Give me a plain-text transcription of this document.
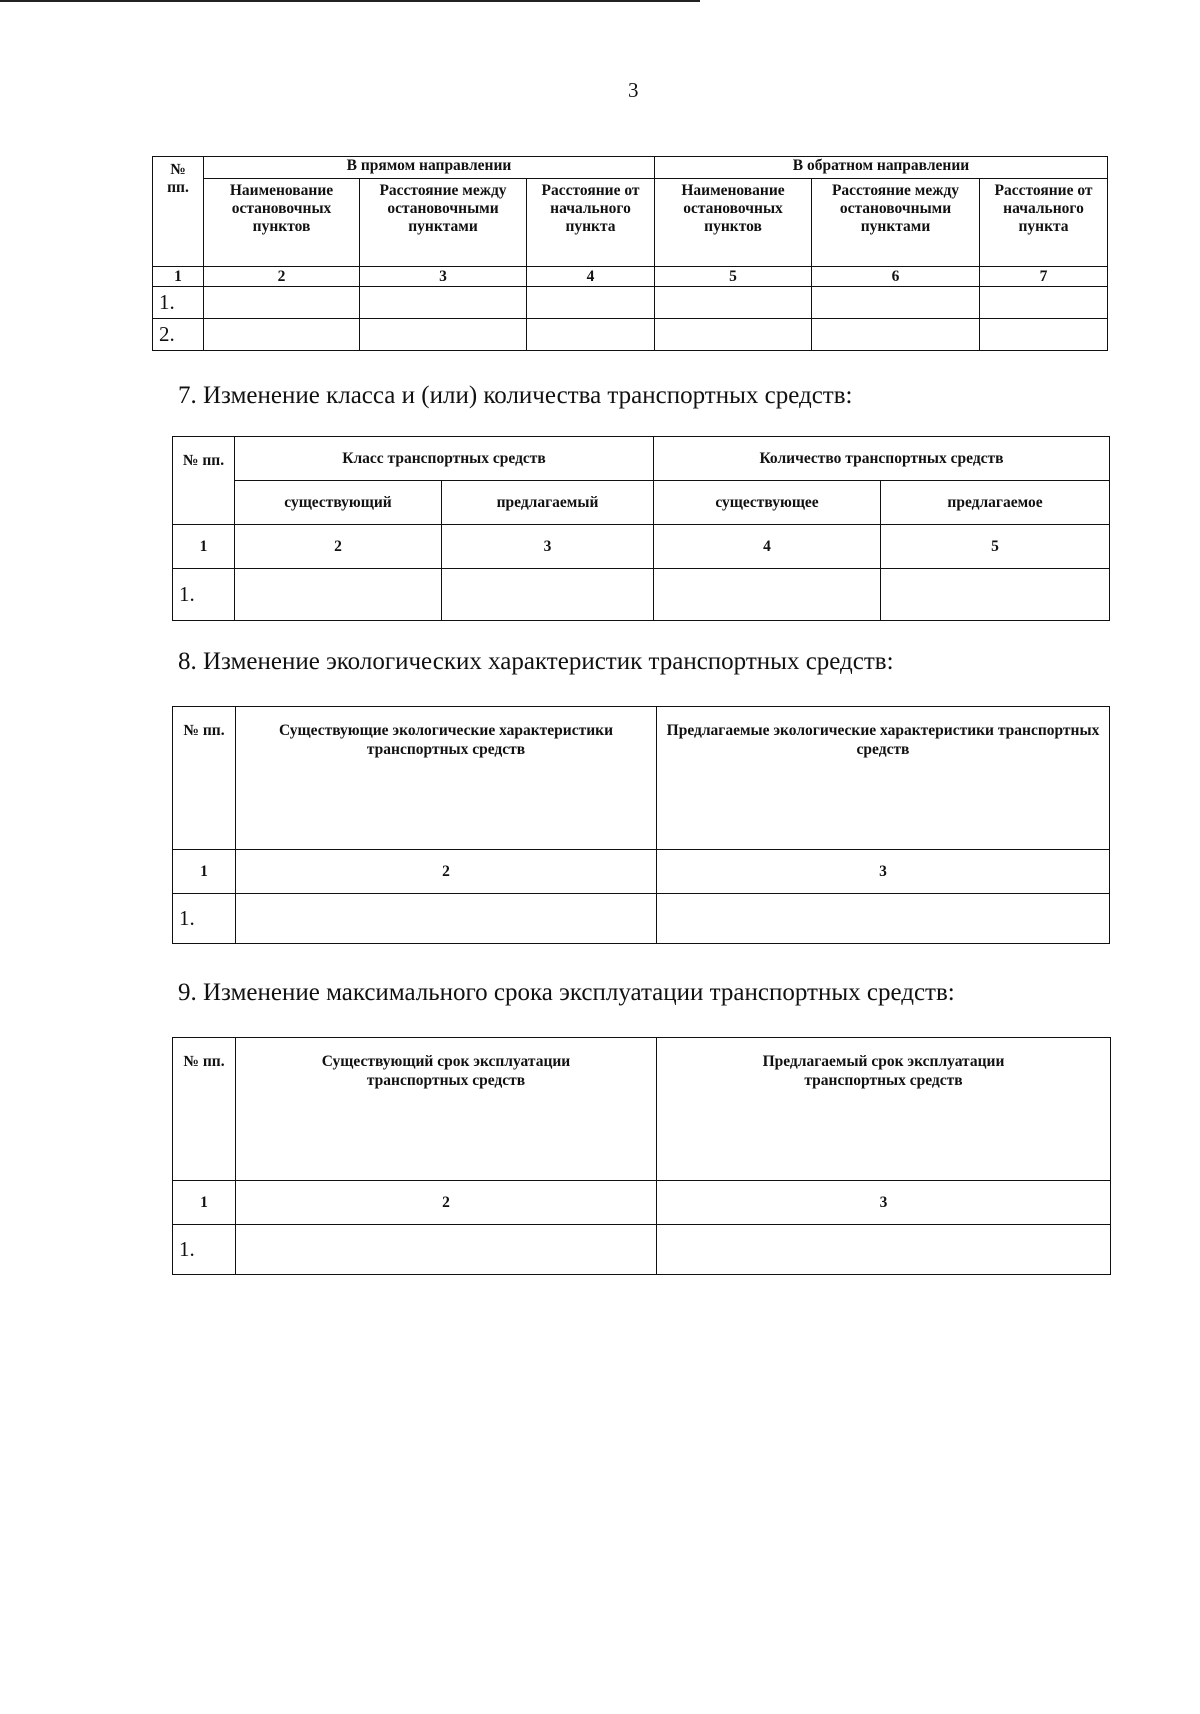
3
№ пп.	В прямом направлении			В обратном направлении		
	Наименование остановочных пунктов	Расстояние между остановочными пунктами	Расстояние от начального пункта	Наименование остановочных пунктов	Расстояние между остановочными пунктами	Расстояние от начального пункта
1	2	3	4	5	6	7
1.						
2.						
7. Изменение класса и (или) количества транспортных средств:
№ пп.	Класс транспортных средств		Количество транспортных средств	
	существующий	предлагаемый	существующее	предлагаемое
1	2	3	4	5
1.				
8. Изменение экологических характеристик транспортных средств:
№ пп.	Существующие экологические характеристики транспортных средств	Предлагаемые экологические характеристики транспортных средств
1	2	3
1.		
9. Изменение максимального срока эксплуатации транспортных средств:
№ пп.	Существующий срок эксплуатации транспортных средств	Предлагаемый срок эксплуатации транспортных средств
1	2	3
1.		
